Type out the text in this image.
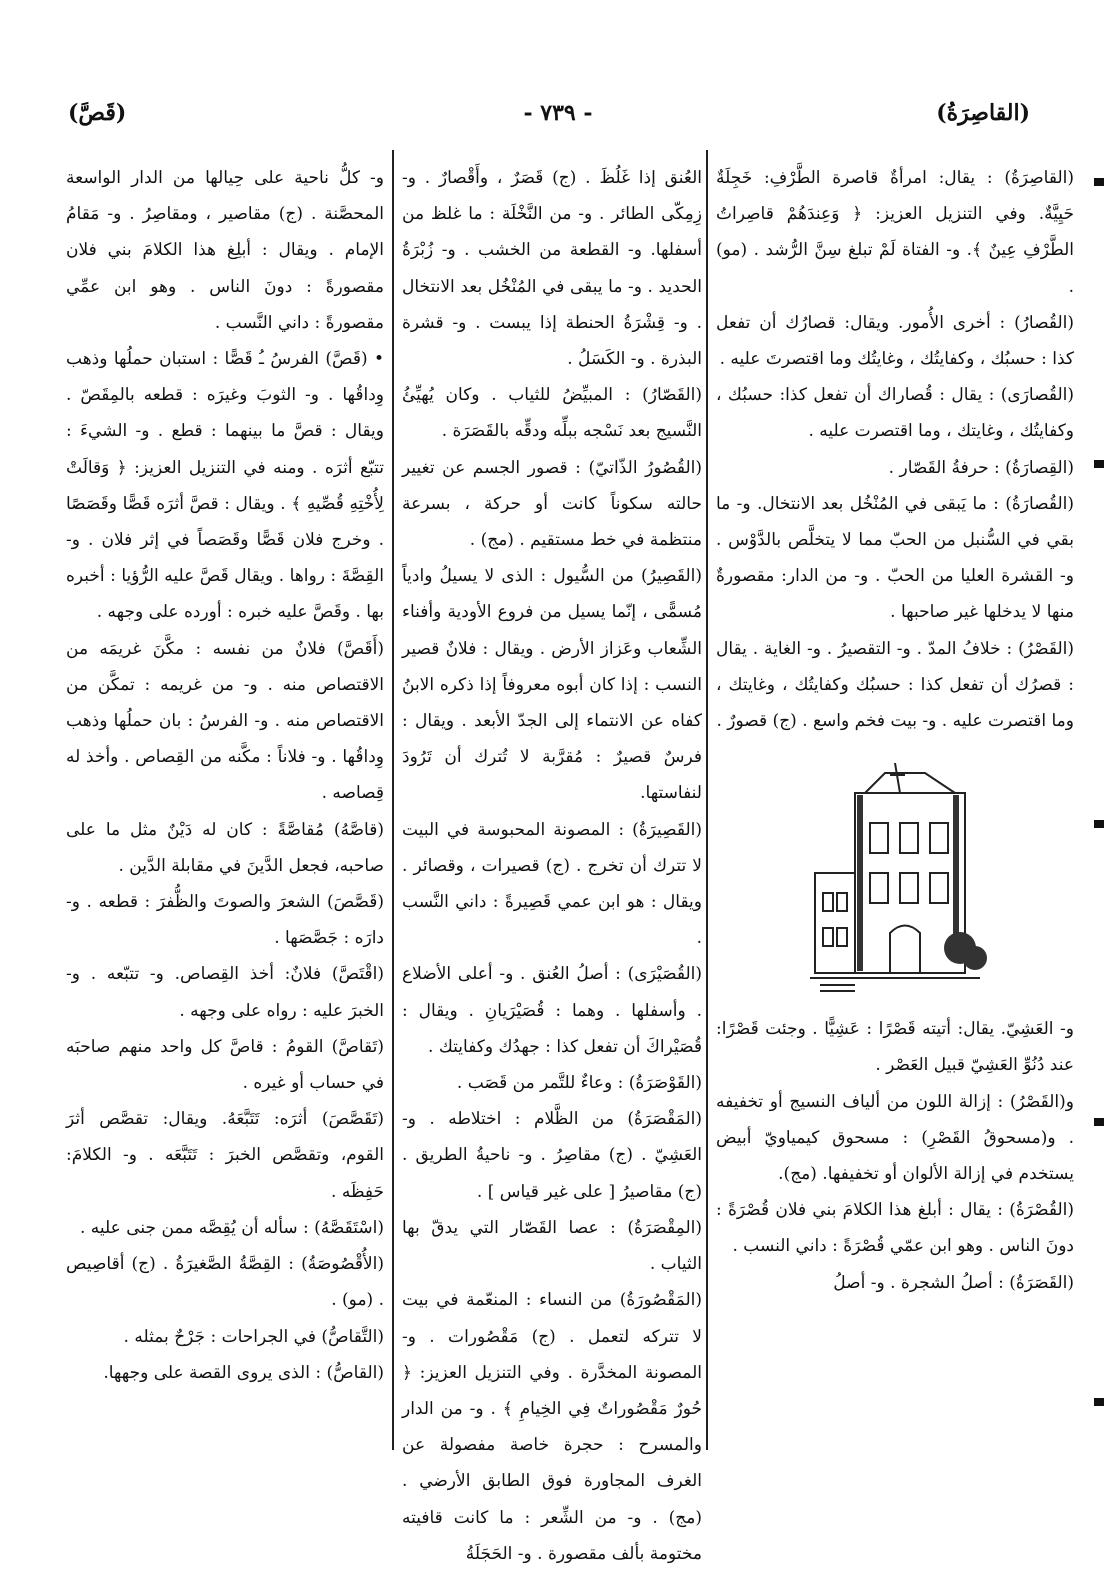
(القاصِرَةُ)
- ٧٣٩ -
(قَصَّ)

(القاصِرَةُ) : يقال: امرأةٌ قاصرة الطَّرْفِ: خَجِلَةٌ حَيِيَّةٌ. وفي التنزيل العزيز: ﴿ وَعِندَهُمْ قاصِراتُ الطَّرْفِ عِينٌ ﴾. و- الفتاة لَمْ تبلغ سِنَّ الرُّشد . (مو) .

(القُصارُ) : أخرى الأُمور. ويقال: قصارُك أن تفعل كذا : حسبُك ، وكفايتُك ، وغايتُك وما اقتصرتَ عليه .

(القُصارَى) : يقال : قُصاراك أن تفعل كذا: حسبُك ، وكفايتُك ، وغايتك ، وما اقتصرت عليه .

(القِصارَةُ) : حرفةُ القَصّار .

(القُصارَةُ) : ما يَبقى في المُنْخُل بعد الانتخال. و- ما بقي في السُّنبل من الحبّ مما لا يتخلَّص بالدَّوْس . و- القشرة العليا من الحبّ . و- من الدار: مقصورةٌ منها لا يدخلها غير صاحبها .

(القَصْرُ) : خلافُ المدّ . و- التقصيرُ . و- الغاية . يقال : قصرُك أن تفعل كذا : حسبُك وكفايتُك ، وغايتك ، وما اقتصرت عليه . و- بيت فخم واسع . (ج) قصورٌ .

و- العَشِيّ. يقال: أتيته قَصْرًا : عَشِيًّا . وجئت قَصْرًا: عند دُنُوِّ العَشِيّ قبيل العَصْر .

و(القَصْرُ) : إزالة اللون من ألياف النسيج أو تخفيفه . و(مسحوقُ القَصْرِ) : مسحوق كيمياويّ أبيض يستخدم في إزالة الألوان أو تخفيفها. (مج).

(القُصْرَةُ) : يقال : أبلغ هذا الكلامَ بني فلان قُصْرَةً : دونَ الناس . وهو ابن عمّي قُصْرَةً : داني النسب .

(القَصَرَةُ) : أصلُ الشجرة . و- أصلُ

العُنق إذا غَلُظَ . (ج) قَصَرٌ ، وأَقْصارٌ . و- زِمِكّى الطائر . و- من النَّخْلَة : ما غلظ من أسفلها. و- القطعة من الخشب . و- زُبْرَةُ الحديد . و- ما يبقى في المُنْخُل بعد الانتخال . و- قِشْرَةُ الحنطة إذا يبست . و- قشرة البذرة . و- الكَسَلُ .

(القَصّارُ) : المبيِّضُ للثياب . وكان يُهيِّئُ النَّسيج بعد نَسْجه ببلِّه ودقِّه بالقَصَرَة .

(القُصُورُ الذّاتيّ) : قصور الجسم عن تغيير حالته سكوناً كانت أو حركة ، بسرعة منتظمة في خط مستقيم . (مج) .

(القَصِيرُ) من السُّيول : الذى لا يسيلُ وادياً مُسمًّى ، إنّما يسيل من فروع الأودية وأفناء الشِّعاب وعَزاز الأرض . ويقال : فلانٌ قصير النسب : إذا كان أبوه معروفاً إذا ذكره الابنُ كفاه عن الانتماء إلى الجدّ الأبعد . ويقال : فرسٌ قصيرٌ : مُقرَّبة لا تُترك أن تَرُودَ لنفاستها.

(القَصِيرَةُ) : المصونة المحبوسة في البيت لا تترك أن تخرج . (ج) قصيرات ، وقصائر . ويقال : هو ابن عمي قَصِيرةً : داني النَّسب .

(القُصَيْرَى) : أصلُ العُنق . و- أعلى الأضلاع . وأسفلها . وهما : قُصَيْرَيانِ . ويقال : قُصَيْراكَ أن تفعل كذا : جهدُك وكفايتك .

(القَوْصَرَةُ) : وعاءٌ للتَّمر من قَصَب .

(المَقْصَرَةُ) من الظَّلام : اختلاطه . و- العَشِيّ . (ج) مقاصِرُ . و- ناحيةُ الطريق . (ج) مقاصيرُ [ على غير قياس ] .

(المِقْصَرَةُ) : عصا القَصّار التي يدقّ بها الثياب .

(المَقْصُورَةُ) من النساء : المنعّمة في بيت لا تتركه لتعمل . (ج) مَقْصُورات . و- المصونة المخدَّرة . وفي التنزيل العزيز: ﴿ حُورٌ مَقْصُوراتٌ فِي الخِيامِ ﴾ . و- من الدار والمسرح : حجرة خاصة مفصولة عن الغرف المجاورة فوق الطابق الأرضي . (مج) . و- من الشِّعر : ما كانت قافيته مختومة بألف مقصورة . و- الحَجَلَةُ

و- كلُّ ناحية على حِيالها من الدار الواسعة المحصَّنة . (ج) مقاصير ، ومقاصِرُ . و- مَقامُ الإمام . ويقال : أبلِغ هذا الكلامَ بني فلان مقصورةً : دونَ الناس . وهو ابن عمِّي مقصورةً : داني النَّسب .

• (قَصَّ) الفرسُ ـُ قَصًّا : استبان حملُها وذهب وِداقُها . و- الثوبَ وغيرَه : قطعه بالمِقَصّ . ويقال : قصَّ ما بينهما : قطع . و- الشيءَ : تتبّع أثرَه . ومنه في التنزيل العزيز: ﴿ وَقالَتْ لِأُخْتِهِ قُصِّيهِ ﴾ . ويقال : قصَّ أثرَه قَصًّا وقَصَصًا . وخرج فلان قَصًّا وقَصَصاً في إثر فلان . و- القِصَّةَ : رواها . ويقال قَصَّ عليه الرُّؤيا : أخبره بها . وقَصَّ عليه خبره : أورده على وجهه .

(أَقَصَّ) فلانٌ من نفسه : مكَّنَ غريمَه من الاقتصاص منه . و- من غريمه : تمكَّن من الاقتصاص منه . و- الفرسُ : بان حملُها وذهب وِداقُها . و- فلاناً : مكَّنه من القِصاص . وأخذ له قِصاصه .

(قاصَّهُ) مُقاصَّةً : كان له دَيْنٌ مثل ما على صاحبه، فجعل الدَّينَ في مقابلة الدَّين .

(قَصَّصَ) الشعرَ والصوتَ والظُّفرَ : قطعه . و- دارَه : جَصَّصَها .

(اقْتَصَّ) فلانٌ: أخذ القِصاص. و- تتبّعه . و- الخبرَ عليه : رواه على وجهه .

(تَقاصَّ) القومُ : قاصَّ كل واحد منهم صاحبَه في حساب أو غيره .

(تَقَصَّصَ) أثرَه: تَتَبَّعَهُ. ويقال: تقصَّص أثرَ القوم، وتقصَّص الخبرَ : تَتَبَّعَه . و- الكلامَ: حَفِظَه .

(اسْتَقَصَّهُ) : سأله أن يُقِصَّه ممن جنى عليه .

(الأُقْصُوصَةُ) : القِصَّةُ الصَّغيرَةُ . (ج) أقاصِيص . (مو) .

(التَّقاصُّ) في الجراحات : جَرْحٌ بمثله .

(القاصُّ) : الذى يروى القصة على وجهها.
